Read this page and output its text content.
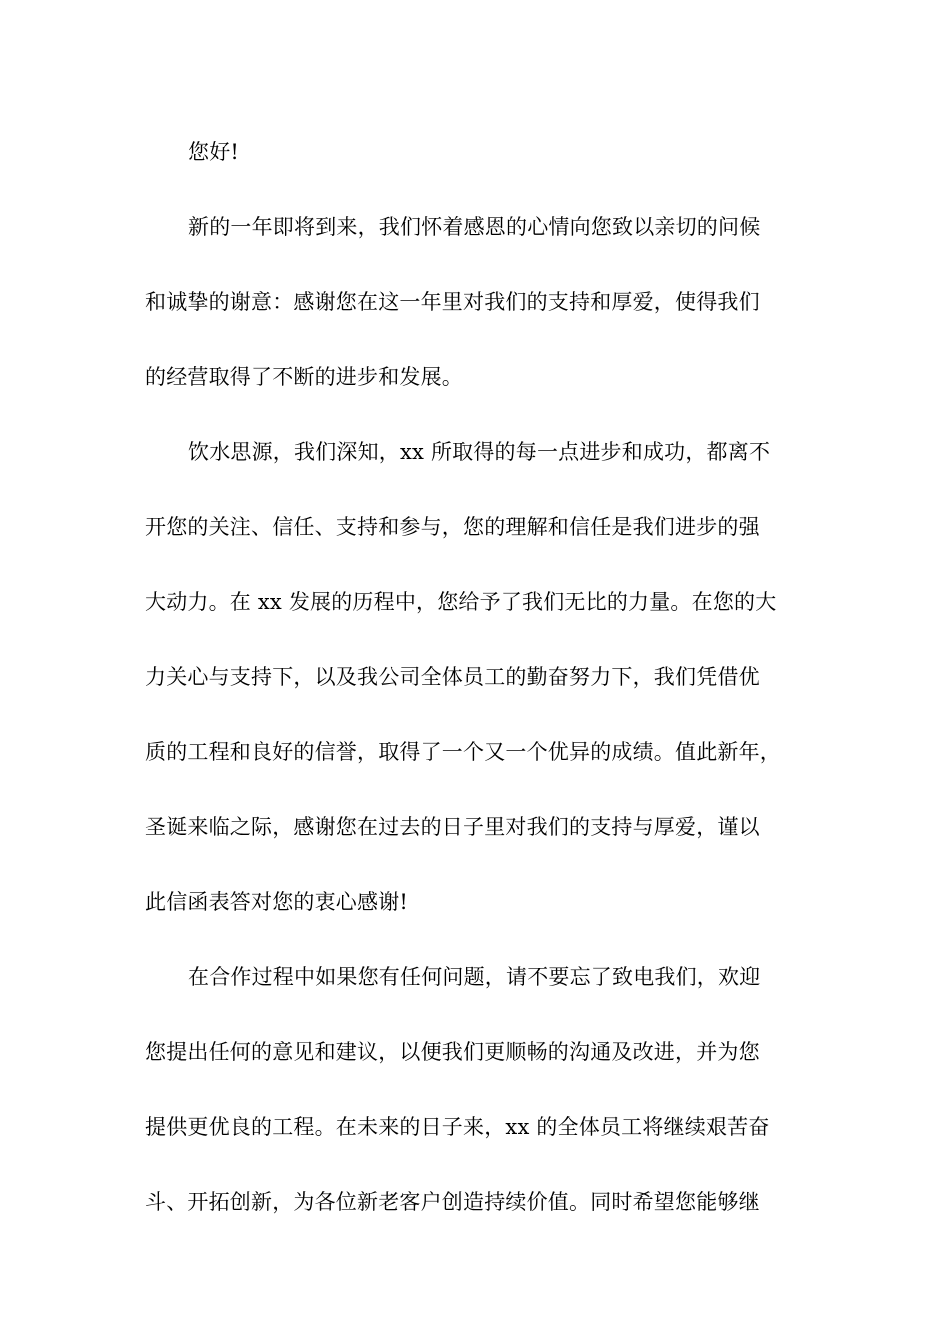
您好!
新的一年即将到来，我们怀着感恩的心情向您致以亲切的问候
和诚挚的谢意：感谢您在这一年里对我们的支持和厚爱，使得我们
的经营取得了不断的进步和发展。
饮水思源，我们深知，xx 所取得的每一点进步和成功，都离不
开您的关注、信任、支持和参与，您的理解和信任是我们进步的强
大动力。在 xx 发展的历程中，您给予了我们无比的力量。在您的大
力关心与支持下，以及我公司全体员工的勤奋努力下，我们凭借优
质的工程和良好的信誉，取得了一个又一个优异的成绩。值此新年，
圣诞来临之际，感谢您在过去的日子里对我们的支持与厚爱，谨以
此信函表答对您的衷心感谢!
在合作过程中如果您有任何问题，请不要忘了致电我们，欢迎
您提出任何的意见和建议，以便我们更顺畅的沟通及改进，并为您
提供更优良的工程。在未来的日子来，xx 的全体员工将继续艰苦奋
斗、开拓创新，为各位新老客户创造持续价值。同时希望您能够继
